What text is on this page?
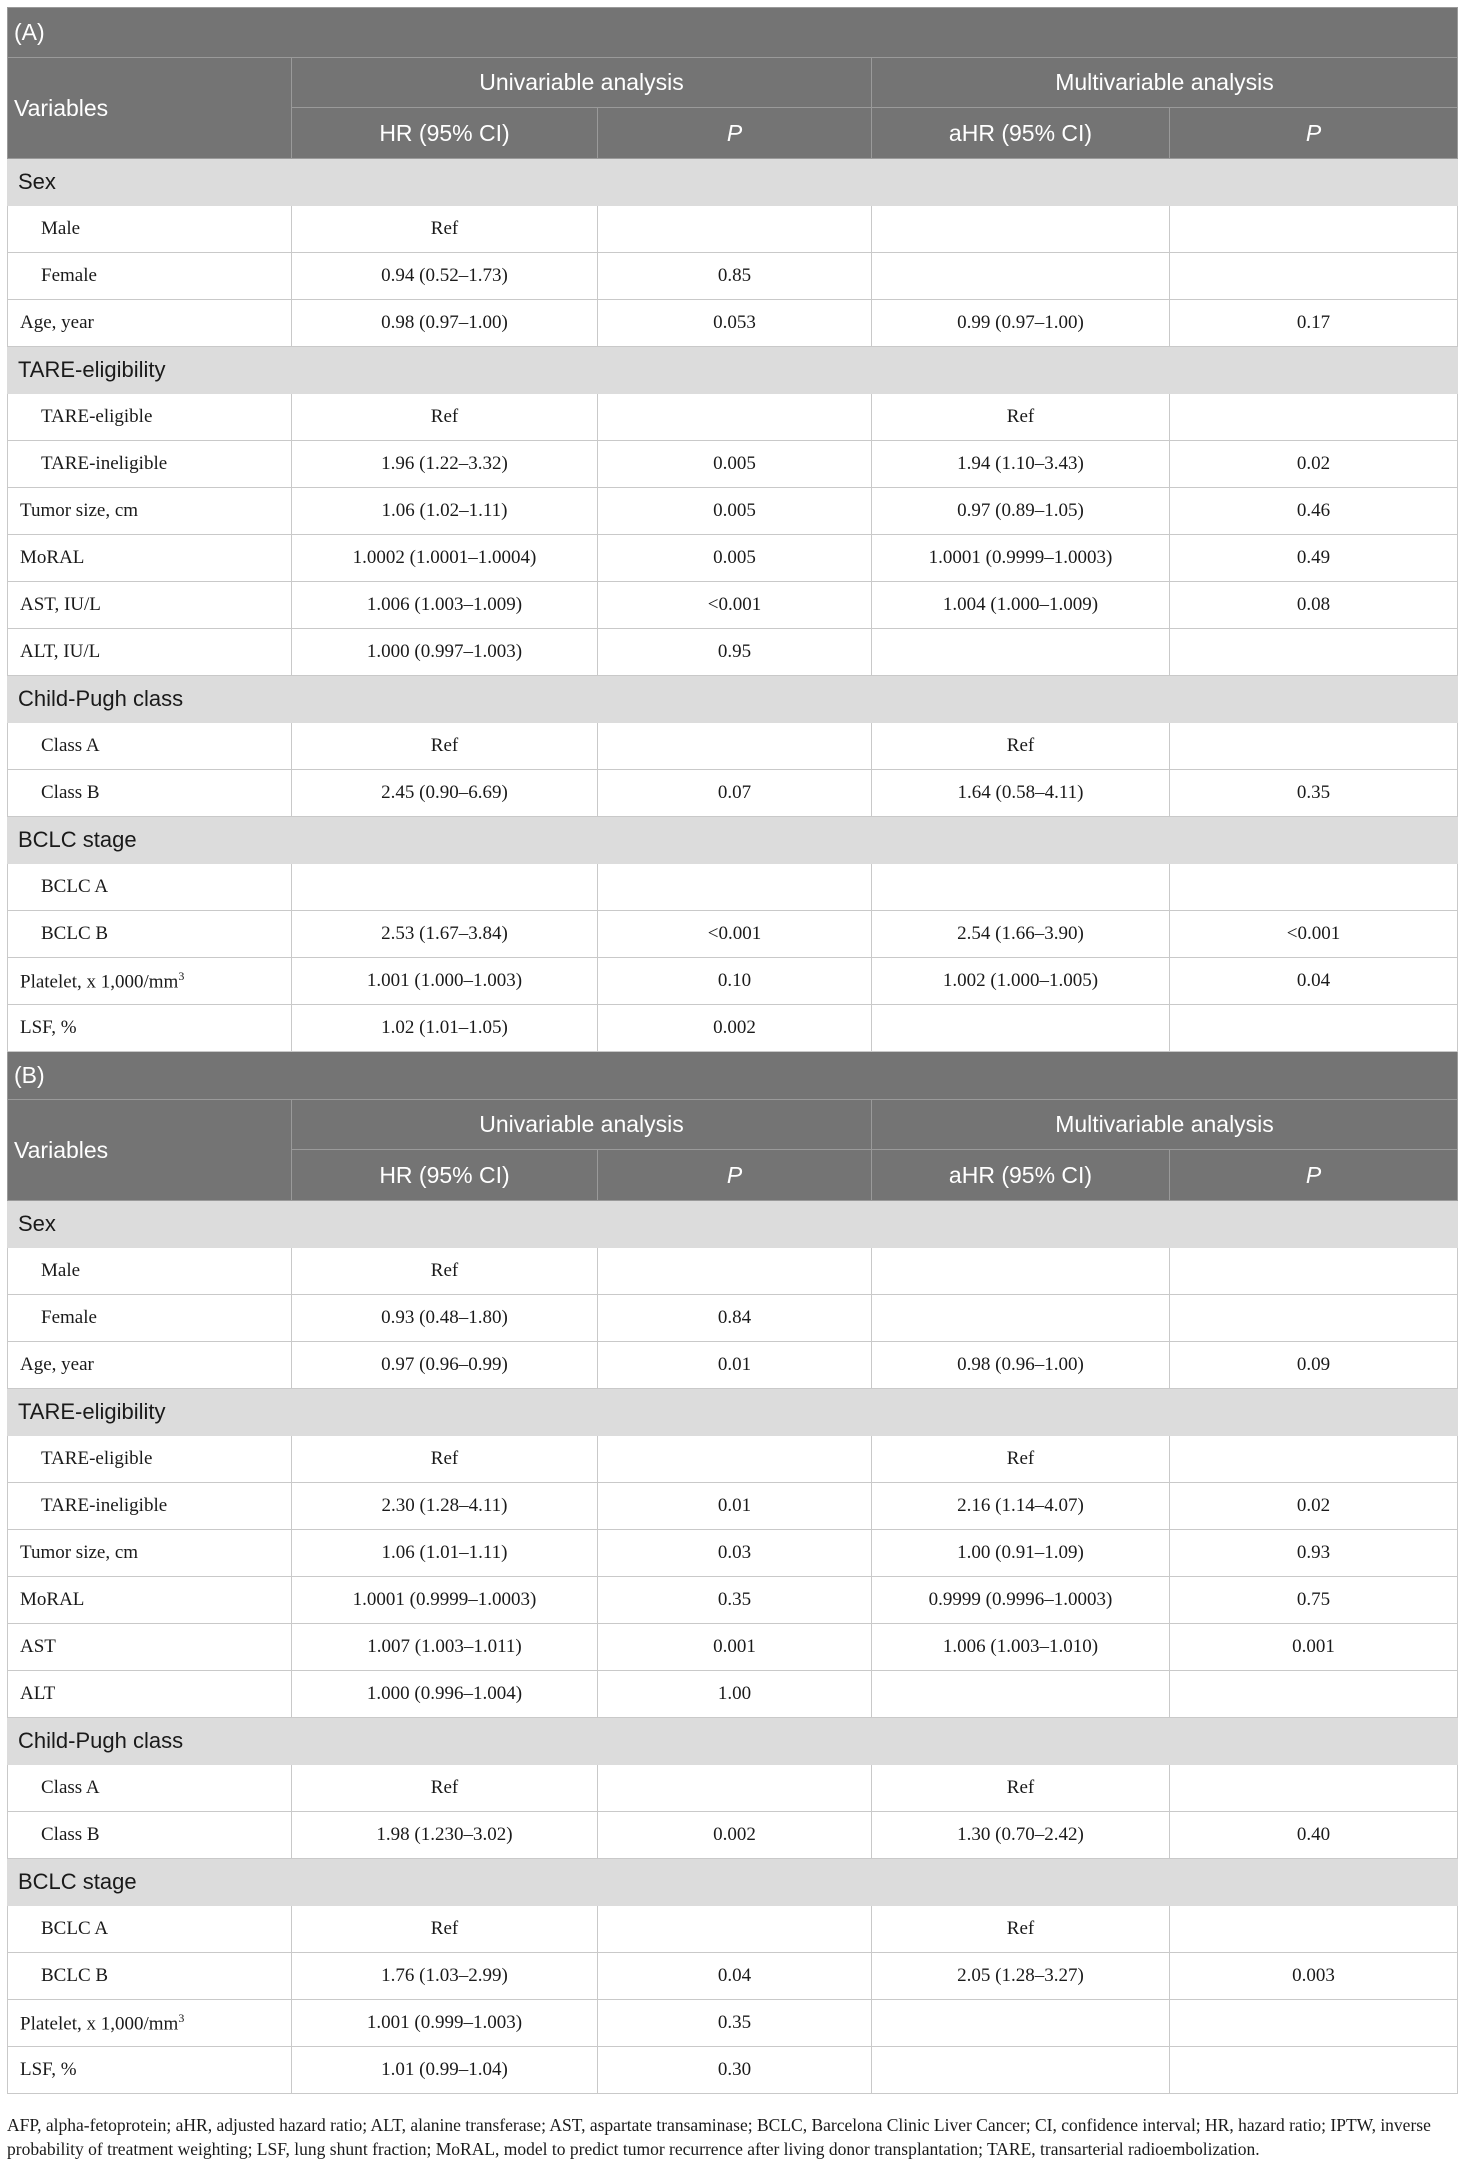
(A)				
Variables	Univariable analysis		Multivariable analysis	
	HR (95% CI)	P	aHR (95% CI)	P
Sex				
Male	Ref			
Female	0.94 (0.52–1.73)	0.85		
Age, year	0.98 (0.97–1.00)	0.053	0.99 (0.97–1.00)	0.17
TARE-eligibility				
TARE-eligible	Ref		Ref	
TARE-ineligible	1.96 (1.22–3.32)	0.005	1.94 (1.10–3.43)	0.02
Tumor size, cm	1.06 (1.02–1.11)	0.005	0.97 (0.89–1.05)	0.46
MoRAL	1.0002 (1.0001–1.0004)	0.005	1.0001 (0.9999–1.0003)	0.49
AST, IU/L	1.006 (1.003–1.009)	<0.001	1.004 (1.000–1.009)	0.08
ALT, IU/L	1.000 (0.997–1.003)	0.95		
Child-Pugh class				
Class A	Ref		Ref	
Class B	2.45 (0.90–6.69)	0.07	1.64 (0.58–4.11)	0.35
BCLC stage				
BCLC A				
BCLC B	2.53 (1.67–3.84)	<0.001	2.54 (1.66–3.90)	<0.001
Platelet, x $1,000/mm^3$	1.001 (1.000–1.003)	0.10	1.002 (1.000–1.005)	0.04
LSF, %	1.02 (1.01–1.05)	0.002		
(B)				
Variables	Univariable analysis		Multivariable analysis	
	HR (95% CI)	P	aHR (95% CI)	P
Sex				
Male	Ref			
Female	0.93 (0.48–1.80)	0.84		
Age, year	0.97 (0.96–0.99)	0.01	0.98 (0.96–1.00)	0.09
TARE-eligibility				
TARE-eligible	Ref		Ref	
TARE-ineligible	2.30 (1.28–4.11)	0.01	2.16 (1.14–4.07)	0.02
Tumor size, cm	1.06 (1.01–1.11)	0.03	1.00 (0.91–1.09)	0.93
MoRAL	1.0001 (0.9999–1.0003)	0.35	0.9999 (0.9996–1.0003)	0.75
AST	1.007 (1.003–1.011)	0.001	1.006 (1.003–1.010)	0.001
ALT	1.000 (0.996–1.004)	1.00		
Child-Pugh class				
Class A	Ref		Ref	
Class B	1.98 (1.230–3.02)	0.002	1.30 (0.70–2.42)	0.40
BCLC stage				
BCLC A	Ref		Ref	
BCLC B	1.76 (1.03–2.99)	0.04	2.05 (1.28–3.27)	0.003
Platelet, x $1,000/mm^3$	1.001 (0.999–1.003)	0.35		
LSF, %	1.01 (0.99–1.04)	0.30		
AFP, alpha-fetoprotein; aHR, adjusted hazard ratio; ALT, alanine transferase; AST, aspartate transaminase; BCLC, Barcelona Clinic Liver Cancer; CI, confidence interval; HR, hazard ratio; IPTW, inverse probability of treatment weighting; LSF, lung shunt fraction; MoRAL, model to predict tumor recurrence after living donor transplantation; TARE, transarterial radioembolization.
